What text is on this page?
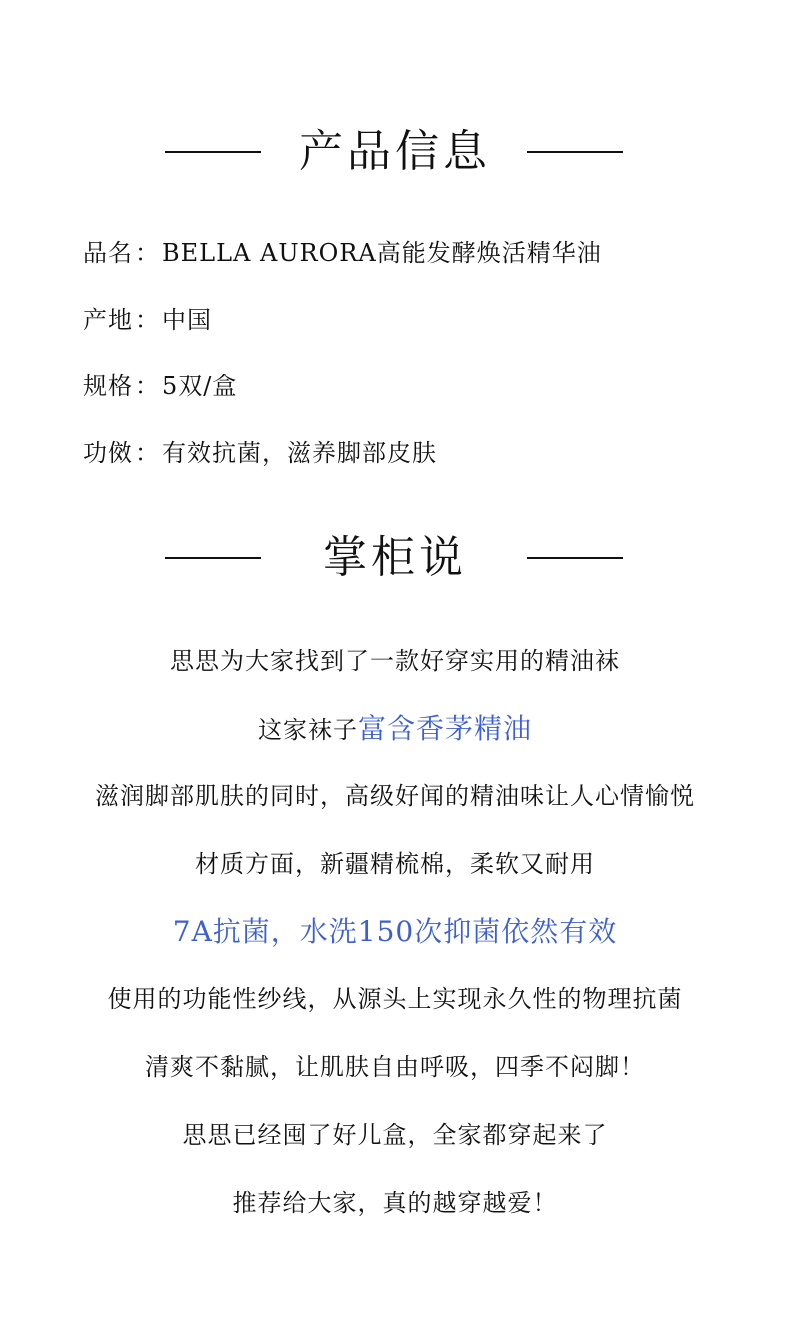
产品信息
品名：BELLA AURORA高能发酵焕活精华油
产地：中国
规格：5双/盒
功傚：有效抗菌，滋养脚部皮肤
掌柜说
思思为大家找到了一款好穿实用的精油袜
这家袜子富含香茅精油
滋润脚部肌肤的同时，高级好闻的精油味让人心情愉悦
材质方面，新疆精梳棉，柔软又耐用
7A抗菌，水洗150次抑菌依然有效
使用的功能性纱线，从源头上实现永久性的物理抗菌
清爽不黏腻，让肌肤自由呼吸，四季不闷脚！
思思已经囤了好儿盒，全家都穿起来了
推荐给大家，真的越穿越爱！
